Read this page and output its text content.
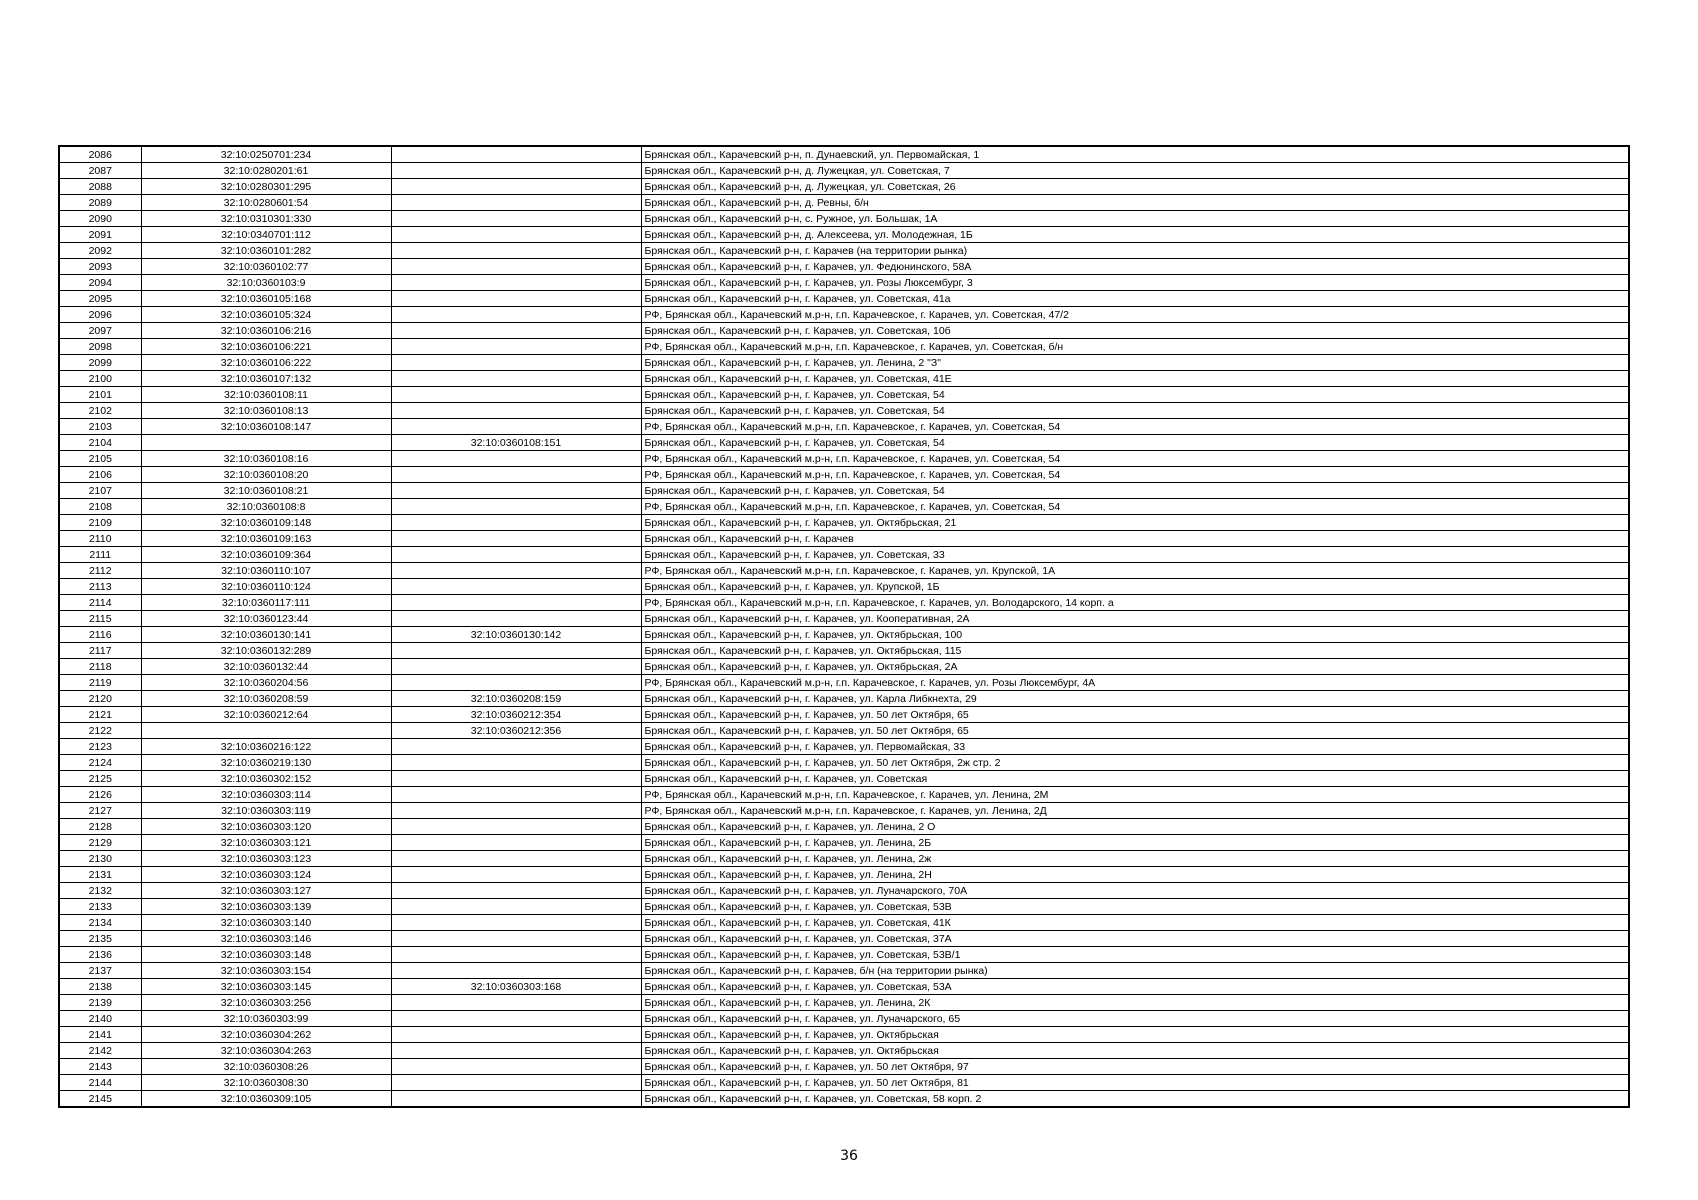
2086	32:10:0250701:234		Брянская обл., Карачевский р-н, п. Дунаевский, ул. Первомайская, 1
2087	32:10:0280201:61		Брянская обл., Карачевский р-н, д. Лужецкая, ул. Советская, 7
2088	32:10:0280301:295		Брянская обл., Карачевский р-н, д. Лужецкая, ул. Советская, 26
2089	32:10:0280601:54		Брянская обл., Карачевский р-н, д. Ревны, б/н
2090	32:10:0310301:330		Брянская обл., Карачевский р-н, с. Ружное, ул. Большак, 1А
2091	32:10:0340701:112		Брянская обл., Карачевский р-н, д. Алексеева, ул. Молодежная, 1Б
2092	32:10:0360101:282		Брянская обл., Карачевский р-н, г. Карачев (на территории рынка)
2093	32:10:0360102:77		Брянская обл., Карачевский р-н, г. Карачев, ул. Федюнинского, 58А
2094	32:10:0360103:9		Брянская обл., Карачевский р-н, г. Карачев, ул. Розы Люксембург, 3
2095	32:10:0360105:168		Брянская обл., Карачевский р-н, г. Карачев, ул. Советская, 41а
2096	32:10:0360105:324		РФ, Брянская обл., Карачевский м.р-н, г.п. Карачевское, г. Карачев, ул. Советская, 47/2
2097	32:10:0360106:216		Брянская обл., Карачевский р-н, г. Карачев, ул. Советская, 10б
2098	32:10:0360106:221		РФ, Брянская обл., Карачевский м.р-н, г.п. Карачевское, г. Карачев, ул. Советская, б/н
2099	32:10:0360106:222		Брянская обл., Карачевский р-н, г. Карачев, ул. Ленина, 2 "З"
2100	32:10:0360107:132		Брянская обл., Карачевский р-н, г. Карачев, ул. Советская, 41Е
2101	32:10:0360108:11		Брянская обл., Карачевский р-н, г. Карачев, ул. Советская, 54
2102	32:10:0360108:13		Брянская обл., Карачевский р-н, г. Карачев, ул. Советская, 54
2103	32:10:0360108:147		РФ, Брянская обл., Карачевский м.р-н, г.п. Карачевское, г. Карачев, ул. Советская, 54
2104		32:10:0360108:151	Брянская обл., Карачевский р-н, г. Карачев, ул. Советская, 54
2105	32:10:0360108:16		РФ, Брянская обл., Карачевский м.р-н, г.п. Карачевское, г. Карачев, ул. Советская, 54
2106	32:10:0360108:20		РФ, Брянская обл., Карачевский м.р-н, г.п. Карачевское, г. Карачев, ул. Советская, 54
2107	32:10:0360108:21		Брянская обл., Карачевский р-н, г. Карачев, ул. Советская, 54
2108	32:10:0360108:8		РФ, Брянская обл., Карачевский м.р-н, г.п. Карачевское, г. Карачев, ул. Советская, 54
2109	32:10:0360109:148		Брянская обл., Карачевский р-н, г. Карачев, ул. Октябрьская, 21
2110	32:10:0360109:163		Брянская обл., Карачевский р-н, г. Карачев
2111	32:10:0360109:364		Брянская обл., Карачевский р-н, г. Карачев, ул. Советская, 33
2112	32:10:0360110:107		РФ, Брянская обл., Карачевский м.р-н, г.п. Карачевское, г. Карачев, ул. Крупской, 1А
2113	32:10:0360110:124		Брянская обл., Карачевский р-н, г. Карачев, ул. Крупской, 1Б
2114	32:10:0360117:111		РФ, Брянская обл., Карачевский м.р-н, г.п. Карачевское, г. Карачев, ул. Володарского, 14 корп. а
2115	32:10:0360123:44		Брянская обл., Карачевский р-н, г. Карачев, ул. Кооперативная, 2А
2116	32:10:0360130:141	32:10:0360130:142	Брянская обл., Карачевский р-н, г. Карачев, ул. Октябрьская, 100
2117	32:10:0360132:289		Брянская обл., Карачевский р-н, г. Карачев, ул. Октябрьская, 115
2118	32:10:0360132:44		Брянская обл., Карачевский р-н, г. Карачев, ул. Октябрьская, 2А
2119	32:10:0360204:56		РФ, Брянская обл., Карачевский м.р-н, г.п. Карачевское, г. Карачев, ул. Розы Люксембург, 4А
2120	32:10:0360208:59	32:10:0360208:159	Брянская обл., Карачевский р-н, г. Карачев, ул. Карла Либкнехта, 29
2121	32:10:0360212:64	32:10:0360212:354	Брянская обл., Карачевский р-н, г. Карачев, ул. 50 лет Октября, 65
2122		32:10:0360212:356	Брянская обл., Карачевский р-н, г. Карачев, ул. 50 лет Октября, 65
2123	32:10:0360216:122		Брянская обл., Карачевский р-н, г. Карачев, ул. Первомайская, 33
2124	32:10:0360219:130		Брянская обл., Карачевский р-н, г. Карачев, ул. 50 лет Октября, 2ж стр. 2
2125	32:10:0360302:152		Брянская обл., Карачевский р-н, г. Карачев, ул. Советская
2126	32:10:0360303:114		РФ, Брянская обл., Карачевский м.р-н, г.п. Карачевское, г. Карачев, ул. Ленина, 2М
2127	32:10:0360303:119		РФ, Брянская обл., Карачевский м.р-н, г.п. Карачевское, г. Карачев, ул. Ленина, 2Д
2128	32:10:0360303:120		Брянская обл., Карачевский р-н, г. Карачев, ул. Ленина, 2 О
2129	32:10:0360303:121		Брянская обл., Карачевский р-н, г. Карачев, ул. Ленина, 2Б
2130	32:10:0360303:123		Брянская обл., Карачевский р-н, г. Карачев, ул. Ленина, 2ж
2131	32:10:0360303:124		Брянская обл., Карачевский р-н, г. Карачев, ул. Ленина, 2Н
2132	32:10:0360303:127		Брянская обл., Карачевский р-н, г. Карачев, ул. Луначарского, 70А
2133	32:10:0360303:139		Брянская обл., Карачевский р-н, г. Карачев, ул. Советская, 53В
2134	32:10:0360303:140		Брянская обл., Карачевский р-н, г. Карачев, ул. Советская, 41К
2135	32:10:0360303:146		Брянская обл., Карачевский р-н, г. Карачев, ул. Советская, 37А
2136	32:10:0360303:148		Брянская обл., Карачевский р-н, г. Карачев, ул. Советская, 53В/1
2137	32:10:0360303:154		Брянская обл., Карачевский р-н, г. Карачев, б/н (на территории рынка)
2138	32:10:0360303:145	32:10:0360303:168	Брянская обл., Карачевский р-н, г. Карачев, ул. Советская, 53А
2139	32:10:0360303:256		Брянская обл., Карачевский р-н, г. Карачев, ул. Ленина, 2К
2140	32:10:0360303:99		Брянская обл., Карачевский р-н, г. Карачев, ул. Луначарского, 65
2141	32:10:0360304:262		Брянская обл., Карачевский р-н, г. Карачев, ул. Октябрьская
2142	32:10:0360304:263		Брянская обл., Карачевский р-н, г. Карачев, ул. Октябрьская
2143	32:10:0360308:26		Брянская обл., Карачевский р-н, г. Карачев, ул. 50 лет Октября, 97
2144	32:10:0360308:30		Брянская обл., Карачевский р-н, г. Карачев, ул. 50 лет Октября, 81
2145	32:10:0360309:105		Брянская обл., Карачевский р-н, г. Карачев, ул. Советская, 58 корп. 2
36
